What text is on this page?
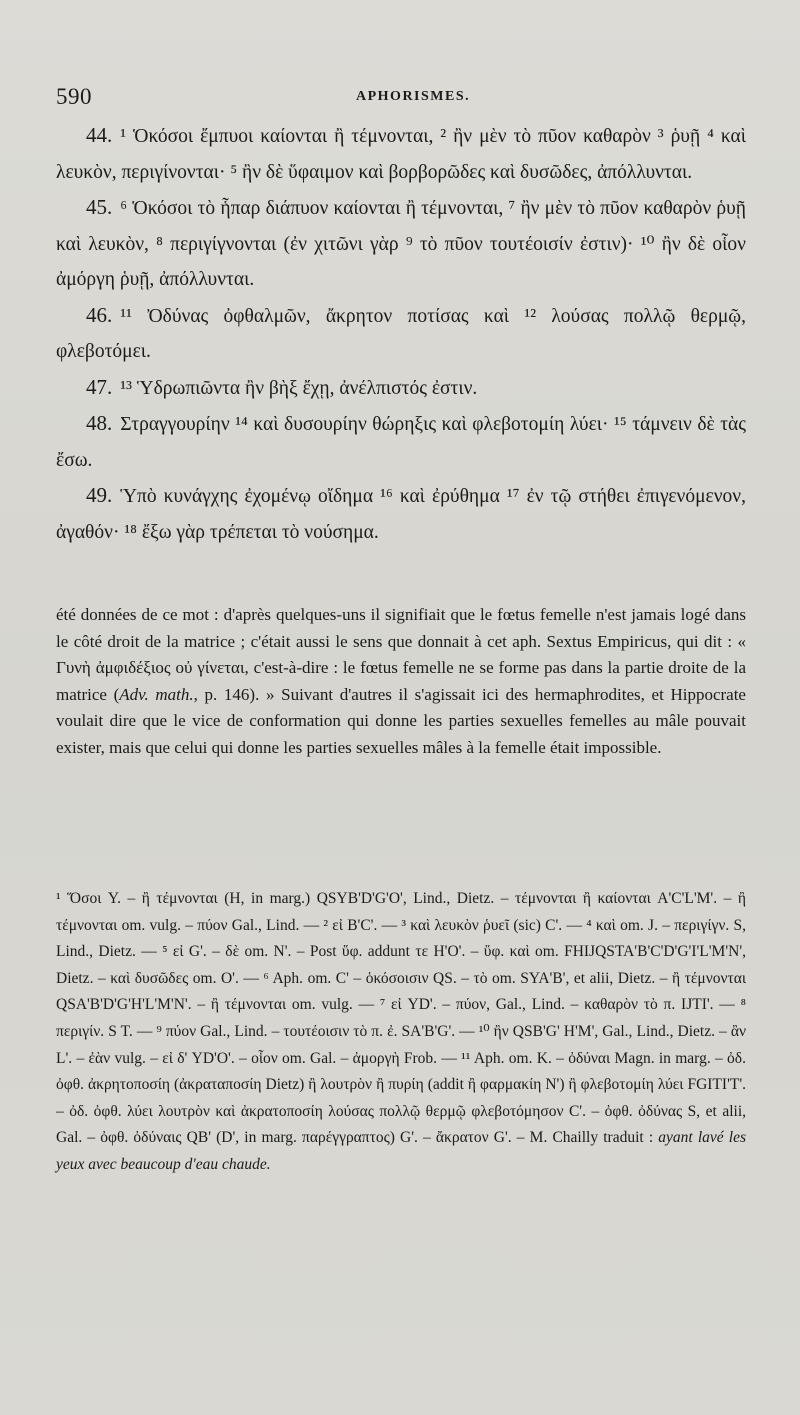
590	APHORISMES.

44. ¹ Ὁκόσοι ἔμπυοι καίονται ἢ τέμνονται, ² ἢν μὲν τὸ πῦον καθαρὸν ³ ῥυῇ ⁴ καὶ λευκὸν, περιγίνονται· ⁵ ἢν δὲ ὕφαιμον καὶ βορβορῶδες καὶ δυσῶδες, ἀπόλλυνται.

45. ⁶ Ὁκόσοι τὸ ἧπαρ διάπυον καίονται ἢ τέμνονται, ⁷ ἢν μὲν τὸ πῦον καθαρὸν ῥυῇ καὶ λευκὸν, ⁸ περιγίγνονται (ἐν χιτῶνι γὰρ ⁹ τὸ πῦον τουτέοισίν ἐστιν)· ¹⁰ ἢν δὲ οἷον ἀμόργη ῥυῇ, ἀπόλλυνται.

46. ¹¹ Ὀδύνας ὀφθαλμῶν, ἄκρητον ποτίσας καὶ ¹² λούσας πολλῷ θερμῷ, φλεβοτόμει.

47. ¹³ Ὑδρωπιῶντα ἢν βὴξ ἔχῃ, ἀνέλπιστός ἐστιν.

48. Στραγγουρίην ¹⁴ καὶ δυσουρίην θώρηξις καὶ φλεβοτομίη λύει· ¹⁵ τάμνειν δὲ τὰς ἔσω.

49. Ὑπὸ κυνάγχης ἐχομένῳ οἴδημα ¹⁶ καὶ ἐρύθημα ¹⁷ ἐν τῷ στήθει ἐπιγενόμενον, ἀγαθόν· ¹⁸ ἔξω γὰρ τρέπεται τὸ νούσημα.

été données de ce mot : d'après quelques-uns il signifiait que le fœtus femelle n'est jamais logé dans le côté droit de la matrice ; c'était aussi le sens que donnait à cet aph. Sextus Empiricus, qui dit : « Γυνὴ ἀμφιδέξιος οὐ γίνεται, c'est-à-dire : le fœtus femelle ne se forme pas dans la partie droite de la matrice (Adv. math., p. 146). » Suivant d'autres il s'agissait ici des hermaphrodites, et Hippocrate voulait dire que le vice de conformation qui donne les parties sexuelles femelles au mâle pouvait exister, mais que celui qui donne les parties sexuelles mâles à la femelle était impossible.

¹ Ὅσοι Y. – ἢ τέμνονται (H, in marg.) QSYB'D'G'O', Lind., Dietz. – τέμνονται ἢ καίονται A'C'L'M'. – ἢ τέμνονται om. vulg. – πύον Gal., Lind. — ² εἰ B'C'. — ³ καὶ λευκὸν ῥυεῖ (sic) C'. — ⁴ καὶ om. J. – περιγίγν. S, Lind., Dietz. — ⁵ εἰ G'. – δὲ om. N'. – Post ὕφ. addunt τε H'O'. – ὕφ. καὶ om. FHIJQSTA'B'C'D'G'I'L'M'N', Dietz. – καὶ δυσῶδες om. O'. — ⁶ Aph. om. C' – ὁκόσοισιν QS. – τὸ om. SYA'B', et alii, Dietz. – ἢ τέμνονται QSA'B'D'G'H'L'M'N'. – ἢ τέμνονται om. vulg. — ⁷ εἰ YD'. – πύον, Gal., Lind. – καθαρὸν τὸ π. IJTI'. — ⁸ περιγίν. S T. — ⁹ πύον Gal., Lind. – τουτέοισιν τὸ π. ἐ. SA'B'G'. — ¹⁰ ἢν QSB'G' H'M', Gal., Lind., Dietz. – ἂν L'. – ἐὰν vulg. – εἰ δ' YD'O'. – οἷον om. Gal. – ἀμοργὴ Frob. — ¹¹ Aph. om. K. – ὀδύναι Magn. in marg. – ὀδ. ὀφθ. ἀκρητοποσίη (ἀκραταποσίη Dietz) ἢ λουτρὸν ἢ πυρίη (addit ἢ φαρμακίη N') ἢ φλεβοτομίη λύει FGITI'T'. – ὀδ. ὀφθ. λύει λουτρὸν καὶ ἀκρατοποσίη λούσας πολλῷ θερμῷ φλεβοτόμησον C'. – ὀφθ. ὀδύνας S, et alii, Gal. – ὀφθ. ὀδύναις QB' (D', in marg. παρέγγραπτος) G'. – ἄκρατον G'. – M. Chailly traduit : ayant lavé les yeux avec beaucoup d'eau chaude.
